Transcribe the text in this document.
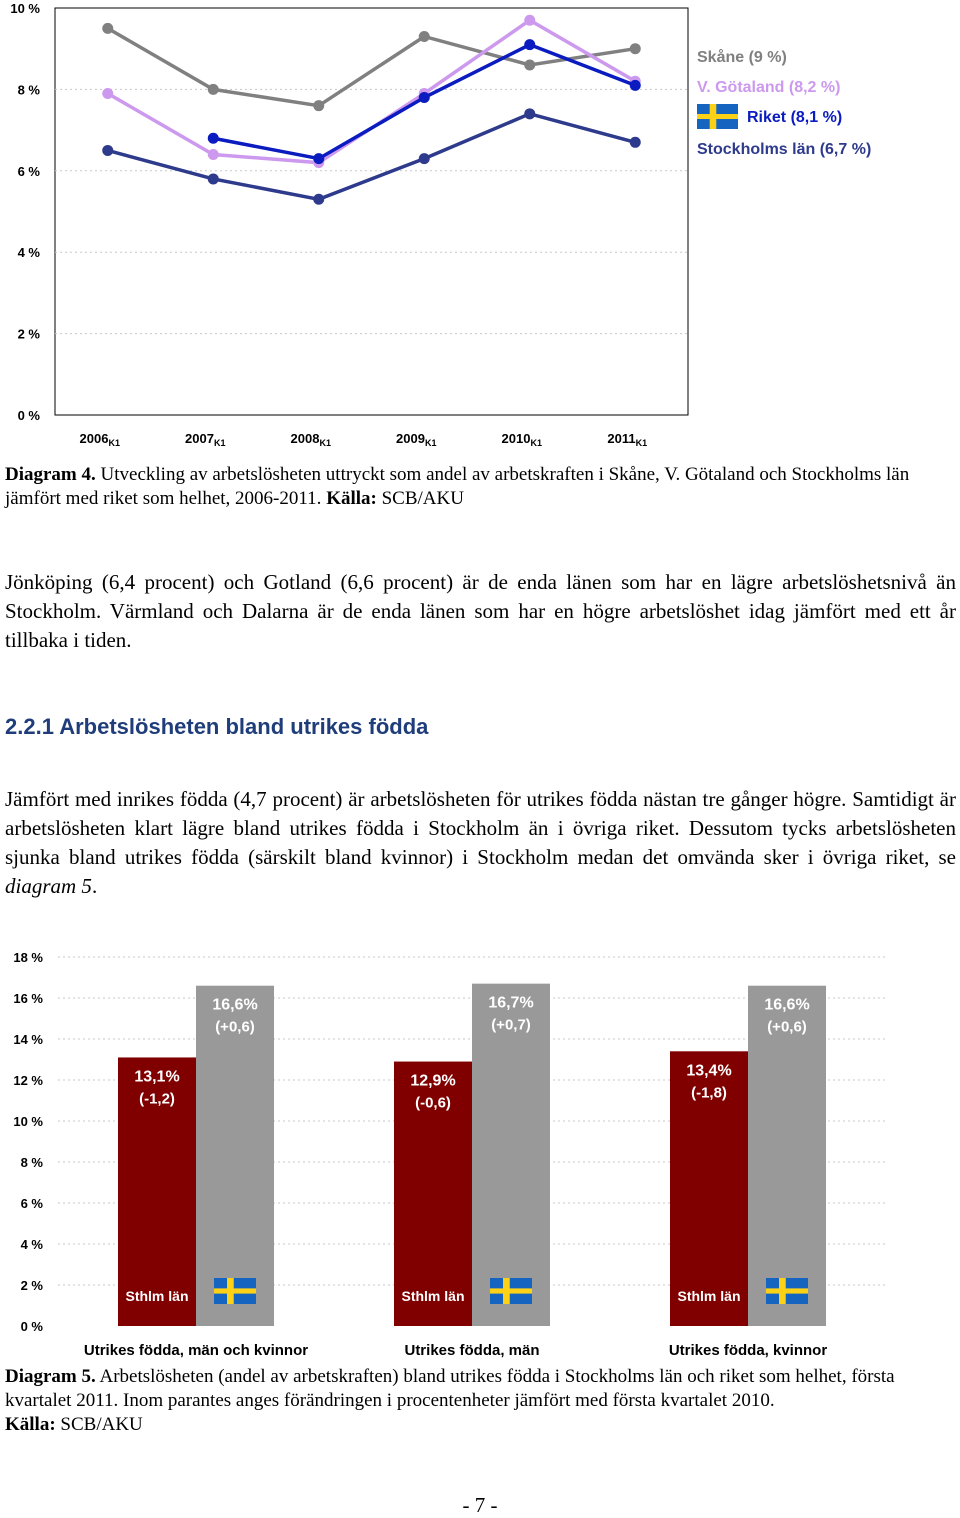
0 %
2 %
4 %
6 %
8 %
10 %
$2006_{K1}$	$2007_{K1}$	$2008_{K1}$	$2009_{K1}$	$2010_{K1}$	$2011_{K1}$
Skåne (9 %)
V. Götaland (8,2 %)
Riket (8,1 %)
Stockholms län (6,7 %)
Diagram 4. Utveckling av arbetslösheten uttryckt som andel av arbetskraften i Skåne, V. Götaland och Stockholms län jämfört med riket som helhet, 2006-2011. Källa: SCB/AKU

Jönköping (6,4 procent) och Gotland (6,6 procent) är de enda länen som har en lägre arbetslöshetsnivå än Stockholm. Värmland och Dalarna är de enda länen som har en högre arbetslöshet idag jämfört med ett år tillbaka i tiden.

2.2.1 Arbetslösheten bland utrikes födda

Jämfört med inrikes födda (4,7 procent) är arbetslösheten för utrikes födda nästan tre gånger högre. Samtidigt är arbetslösheten klart lägre bland utrikes födda i Stockholm än i övriga riket. Dessutom tycks arbetslösheten sjunka bland utrikes födda (särskilt bland kvinnor) i Stockholm medan det omvända sker i övriga riket, se diagram 5.

0 %
2 %
4 %
6 %
8 %
10 %
12 %
14 %
16 %
18 %
13,1%
(-1,2)
Sthlm län
16,6%
(+0,6)
Utrikes födda, män och kvinnor
12,9%
(-0,6)
Sthlm län
16,7%
(+0,7)
Utrikes födda, män
13,4%
(-1,8)
Sthlm län
16,6%
(+0,6)
Utrikes födda, kvinnor
Diagram 5. Arbetslösheten (andel av arbetskraften) bland utrikes födda i Stockholms län och riket som helhet, första kvartalet 2011. Inom parantes anges förändringen i procentenheter jämfört med första kvartalet 2010.
Källa: SCB/AKU
- 7 -
